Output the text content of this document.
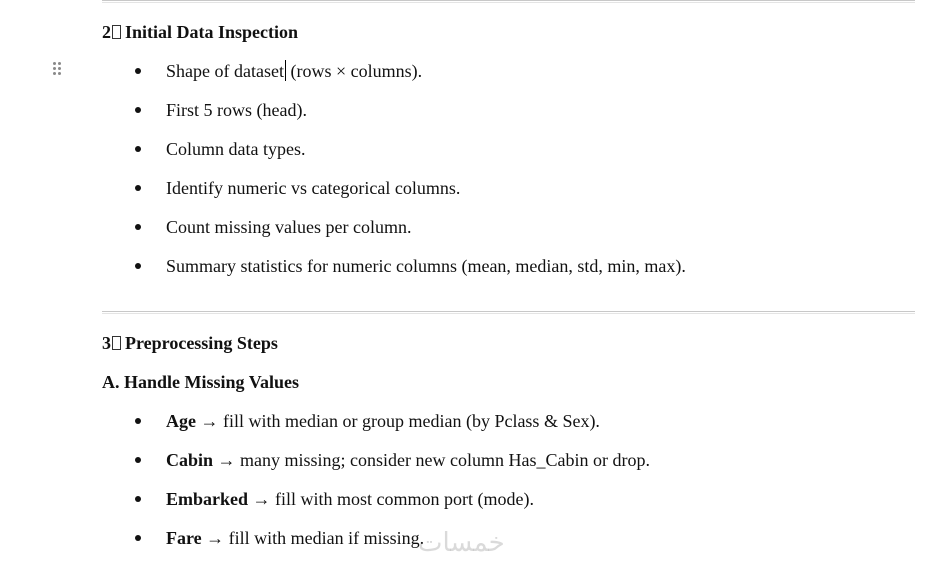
2 Initial Data Inspection
Shape of dataset (rows × columns).
First 5 rows (head).
Column data types.
Identify numeric vs categorical columns.
Count missing values per column.
Summary statistics for numeric columns (mean, median, std, min, max).
3 Preprocessing Steps
A. Handle Missing Values
Age → fill with median or group median (by Pclass & Sex).
Cabin → many missing; consider new column Has_Cabin or drop.
Embarked → fill with most common port (mode).
Fare → fill with median if missing.
خمسات
